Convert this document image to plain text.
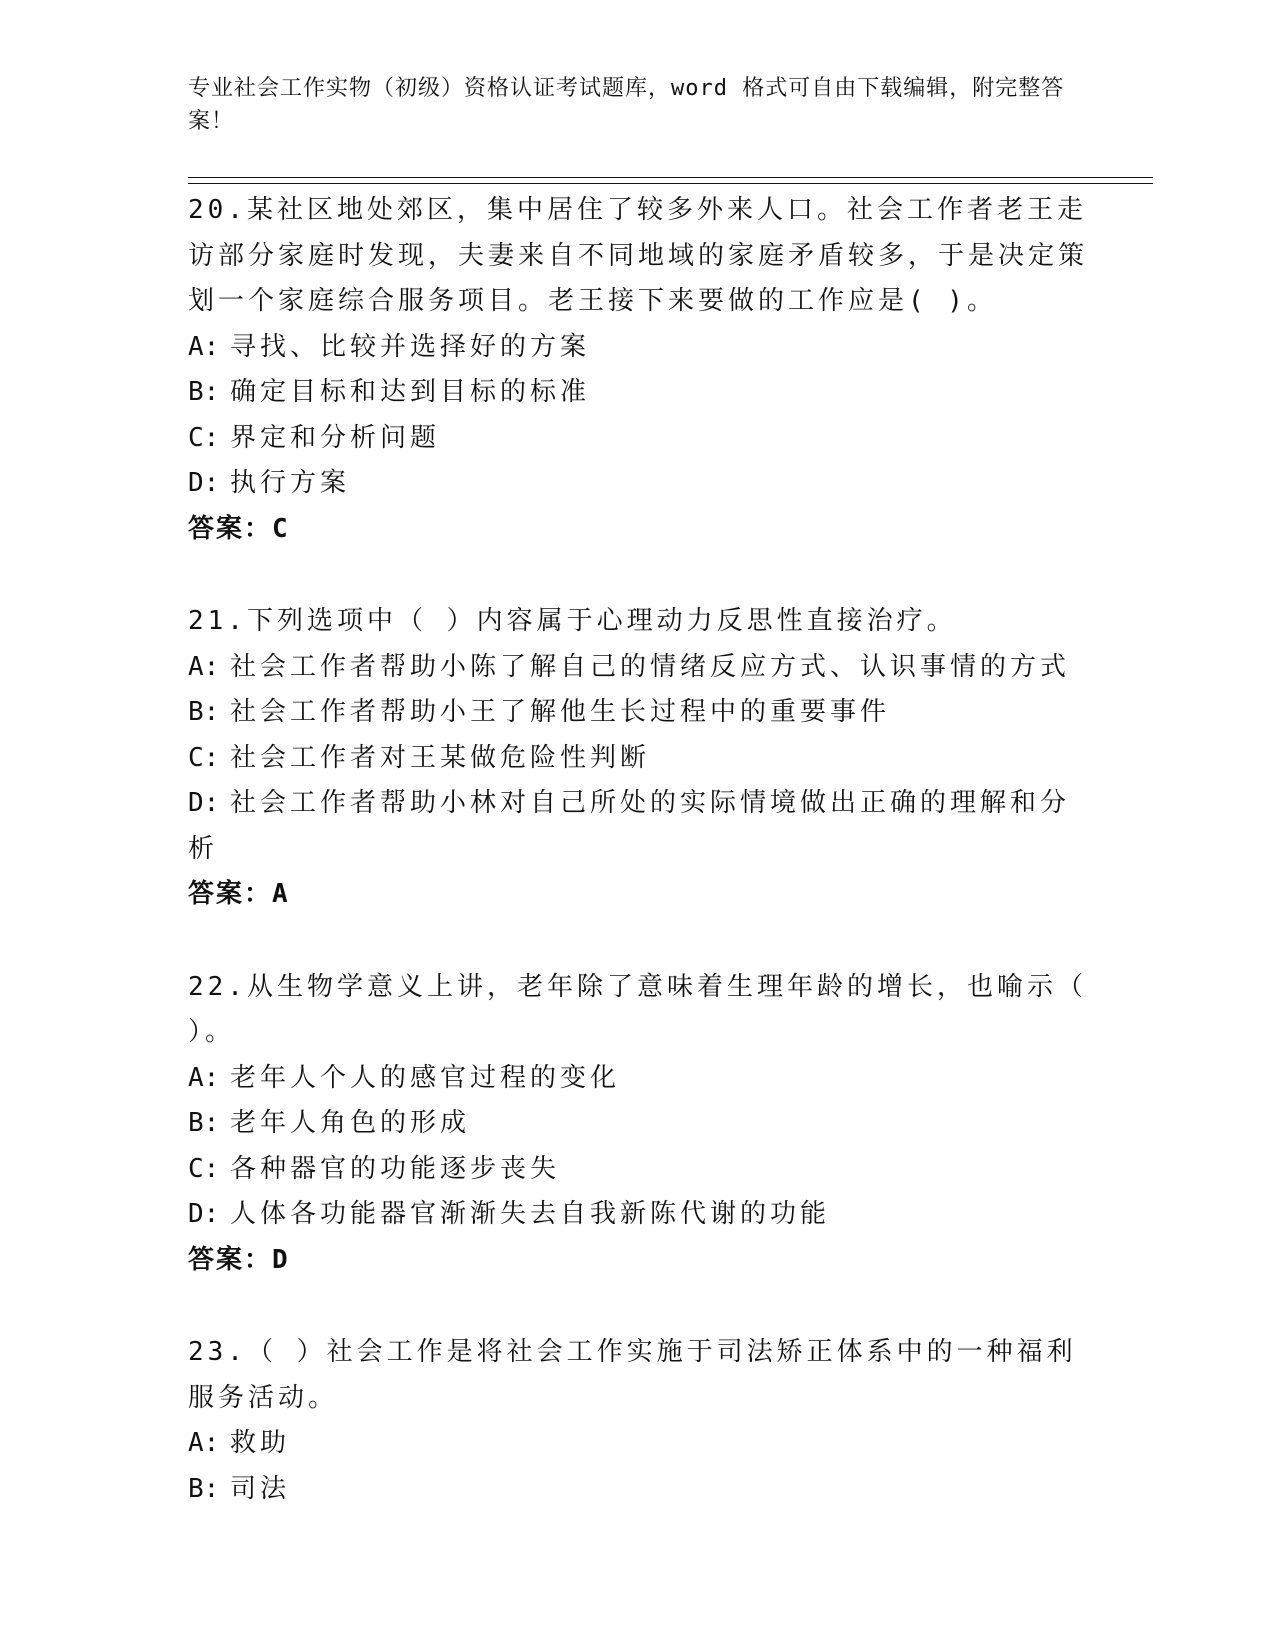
专业社会工作实物（初级）资格认证考试题库，word 格式可自由下载编辑，附完整答案！
20.某社区地处郊区，集中居住了较多外来人口。社会工作者老王走访部分家庭时发现，夫妻来自不同地域的家庭矛盾较多，于是决定策划一个家庭综合服务项目。老王接下来要做的工作应是( )。
A: 寻找、比较并选择好的方案
B: 确定目标和达到目标的标准
C: 界定和分析问题
D: 执行方案
答案：C
21.下列选项中（ ）内容属于心理动力反思性直接治疗。
A: 社会工作者帮助小陈了解自己的情绪反应方式、认识事情的方式
B: 社会工作者帮助小王了解他生长过程中的重要事件
C: 社会工作者对王某做危险性判断
D: 社会工作者帮助小林对自己所处的实际情境做出正确的理解和分析
答案：A
22.从生物学意义上讲，老年除了意味着生理年龄的增长，也喻示（ ）。
A: 老年人个人的感官过程的变化
B: 老年人角色的形成
C: 各种器官的功能逐步丧失
D: 人体各功能器官渐渐失去自我新陈代谢的功能
答案：D
23.（ ）社会工作是将社会工作实施于司法矫正体系中的一种福利服务活动。
A: 救助
B: 司法
